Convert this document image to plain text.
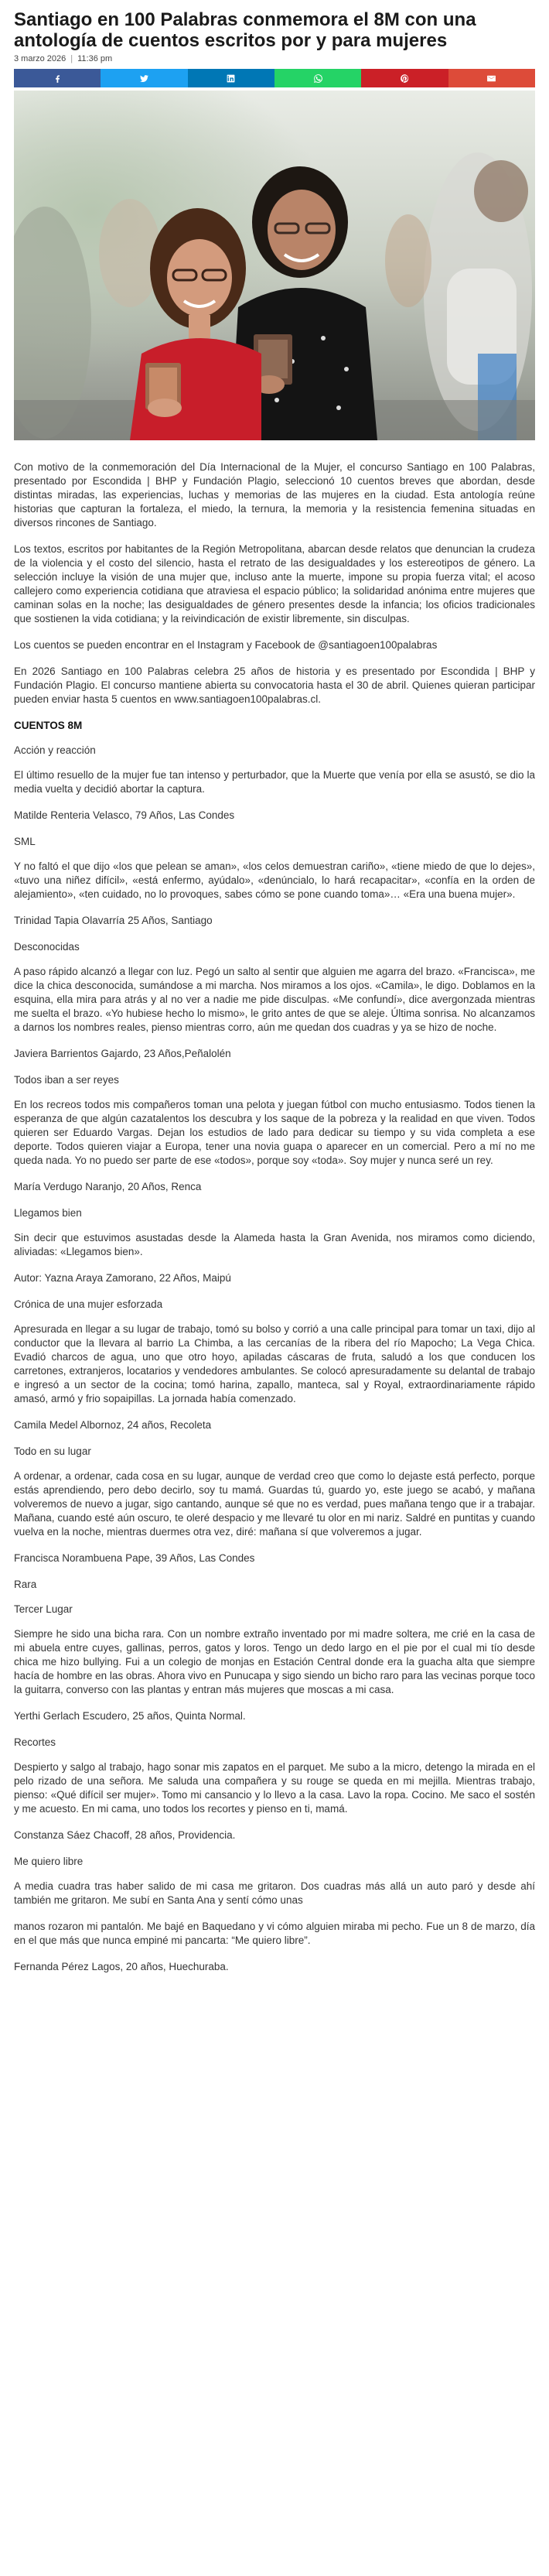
Santiago en 100 Palabras conmemora el 8M con una antología de cuentos escritos por y para mujeres
3 marzo 2026 | 11:36 pm

Con motivo de la conmemoración del Día Internacional de la Mujer, el concurso Santiago en 100 Palabras, presentado por Escondida | BHP y Fundación Plagio, seleccionó 10 cuentos breves que abordan, desde distintas miradas, las experiencias, luchas y memorias de las mujeres en la ciudad. Esta antología reúne historias que capturan la fortaleza, el miedo, la ternura, la memoria y la resistencia femenina situadas en diversos rincones de Santiago.

Los textos, escritos por habitantes de la Región Metropolitana, abarcan desde relatos que denuncian la crudeza de la violencia y el costo del silencio, hasta el retrato de las desigualdades y los estereotipos de género. La selección incluye la visión de una mujer que, incluso ante la muerte, impone su propia fuerza vital; el acoso callejero como experiencia cotidiana que atraviesa el espacio público; la solidaridad anónima entre mujeres que caminan solas en la noche; las desigualdades de género presentes desde la infancia; los oficios tradicionales que sostienen la vida cotidiana; y la reivindicación de existir libremente, sin disculpas.

Los cuentos se pueden encontrar en el Instagram y Facebook de @santiagoen100palabras

En 2026 Santiago en 100 Palabras celebra 25 años de historia y es presentado por Escondida | BHP y Fundación Plagio. El concurso mantiene abierta su convocatoria hasta el 30 de abril. Quienes quieran participar pueden enviar hasta 5 cuentos en www.santiagoen100palabras.cl.

CUENTOS 8M

Acción y reacción

El último resuello de la mujer fue tan intenso y perturbador, que la Muerte que venía por ella se asustó, se dio la media vuelta y decidió abortar la captura.

Matilde Renteria Velasco, 79 Años, Las Condes

SML

Y no faltó el que dijo «los que pelean se aman», «los celos demuestran cariño», «tiene miedo de que lo dejes», «tuvo una niñez difícil», «está enfermo, ayúdalo», «denúncialo, lo hará recapacitar», «confía en la orden de alejamiento», «ten cuidado, no lo provoques, sabes cómo se pone cuando toma»… «Era una buena mujer».

Trinidad Tapia Olavarría 25 Años, Santiago

Desconocidas

A paso rápido alcanzó a llegar con luz. Pegó un salto al sentir que alguien me agarra del brazo. «Francisca», me dice la chica desconocida, sumándose a mi marcha. Nos miramos a los ojos. «Camila», le digo. Doblamos en la esquina, ella mira para atrás y al no ver a nadie me pide disculpas. «Me confundí», dice avergonzada mientras me suelta el brazo. «Yo hubiese hecho lo mismo», le grito antes de que se aleje. Última sonrisa. No alcanzamos a darnos los nombres reales, pienso mientras corro, aún me quedan dos cuadras y ya se hizo de noche.

Javiera Barrientos Gajardo, 23 Años,Peñalolén

Todos iban a ser reyes

En los recreos todos mis compañeros toman una pelota y juegan fútbol con mucho entusiasmo. Todos tienen la esperanza de que algún cazatalentos los descubra y los saque de la pobreza y la realidad en que viven. Todos quieren ser Eduardo Vargas. Dejan los estudios de lado para dedicar su tiempo y su vida completa a ese deporte. Todos quieren viajar a Europa, tener una novia guapa o aparecer en un comercial. Pero a mí no me queda nada. Yo no puedo ser parte de ese «todos», porque soy «toda». Soy mujer y nunca seré un rey.

María Verdugo Naranjo, 20 Años, Renca

Llegamos bien

Sin decir que estuvimos asustadas desde la Alameda hasta la Gran Avenida, nos miramos como diciendo, aliviadas: «Llegamos bien».

Autor: Yazna Araya Zamorano, 22 Años, Maipú

Crónica de una mujer esforzada

Apresurada en llegar a su lugar de trabajo, tomó su bolso y corrió a una calle principal para tomar un taxi, dijo al conductor que la llevara al barrio La Chimba, a las cercanías de la ribera del río Mapocho; La Vega Chica. Evadió charcos de agua, uno que otro hoyo, apiladas cáscaras de fruta, saludó a los que conducen los carretones, extranjeros, locatarios y vendedores ambulantes. Se colocó apresuradamente su delantal de trabajo e ingresó a un sector de la cocina; tomó harina, zapallo, manteca, sal y Royal, extraordinariamente rápido amasó, armó y frio sopaipillas. La jornada había comenzado.

Camila Medel Albornoz, 24 años, Recoleta

Todo en su lugar

A ordenar, a ordenar, cada cosa en su lugar, aunque de verdad creo que como lo dejaste está perfecto, porque estás aprendiendo, pero debo decirlo, soy tu mamá. Guardas tú, guardo yo, este juego se acabó, y mañana volveremos de nuevo a jugar, sigo cantando, aunque sé que no es verdad, pues mañana tengo que ir a trabajar. Mañana, cuando esté aún oscuro, te oleré despacio y me llevaré tu olor en mi nariz. Saldré en puntitas y cuando vuelva en la noche, mientras duermes otra vez, diré: mañana sí que volveremos a jugar.

Francisca Norambuena Pape, 39 Años, Las Condes

Rara

Tercer Lugar

Siempre he sido una bicha rara. Con un nombre extraño inventado por mi madre soltera, me crié en la casa de mi abuela entre cuyes, gallinas, perros, gatos y loros. Tengo un dedo largo en el pie por el cual mi tío desde chica me hizo bullying. Fui a un colegio de monjas en Estación Central donde era la guacha alta que siempre hacía de hombre en las obras. Ahora vivo en Punucapa y sigo siendo un bicho raro para las vecinas porque toco la guitarra, converso con las plantas y entran más mujeres que moscas a mi casa.

Yerthi Gerlach Escudero, 25 años, Quinta Normal.

Recortes

Despierto y salgo al trabajo, hago sonar mis zapatos en el parquet. Me subo a la micro, detengo la mirada en el pelo rizado de una señora. Me saluda una compañera y su rouge se queda en mi mejilla. Mientras trabajo, pienso: «Qué difícil ser mujer». Tomo mi cansancio y lo llevo a la casa. Lavo la ropa. Cocino. Me saco el sostén y me acuesto. En mi cama, uno todos los recortes y pienso en ti, mamá.

Constanza Sáez Chacoff, 28 años, Providencia.

Me quiero libre

A media cuadra tras haber salido de mi casa me gritaron. Dos cuadras más allá un auto paró y desde ahí también me gritaron. Me subí en Santa Ana y sentí cómo unas

manos rozaron mi pantalón. Me bajé en Baquedano y vi cómo alguien miraba mi pecho. Fue un 8 de marzo, día en el que más que nunca empiné mi pancarta: “Me quiero libre”.

Fernanda Pérez Lagos, 20 años, Huechuraba.
